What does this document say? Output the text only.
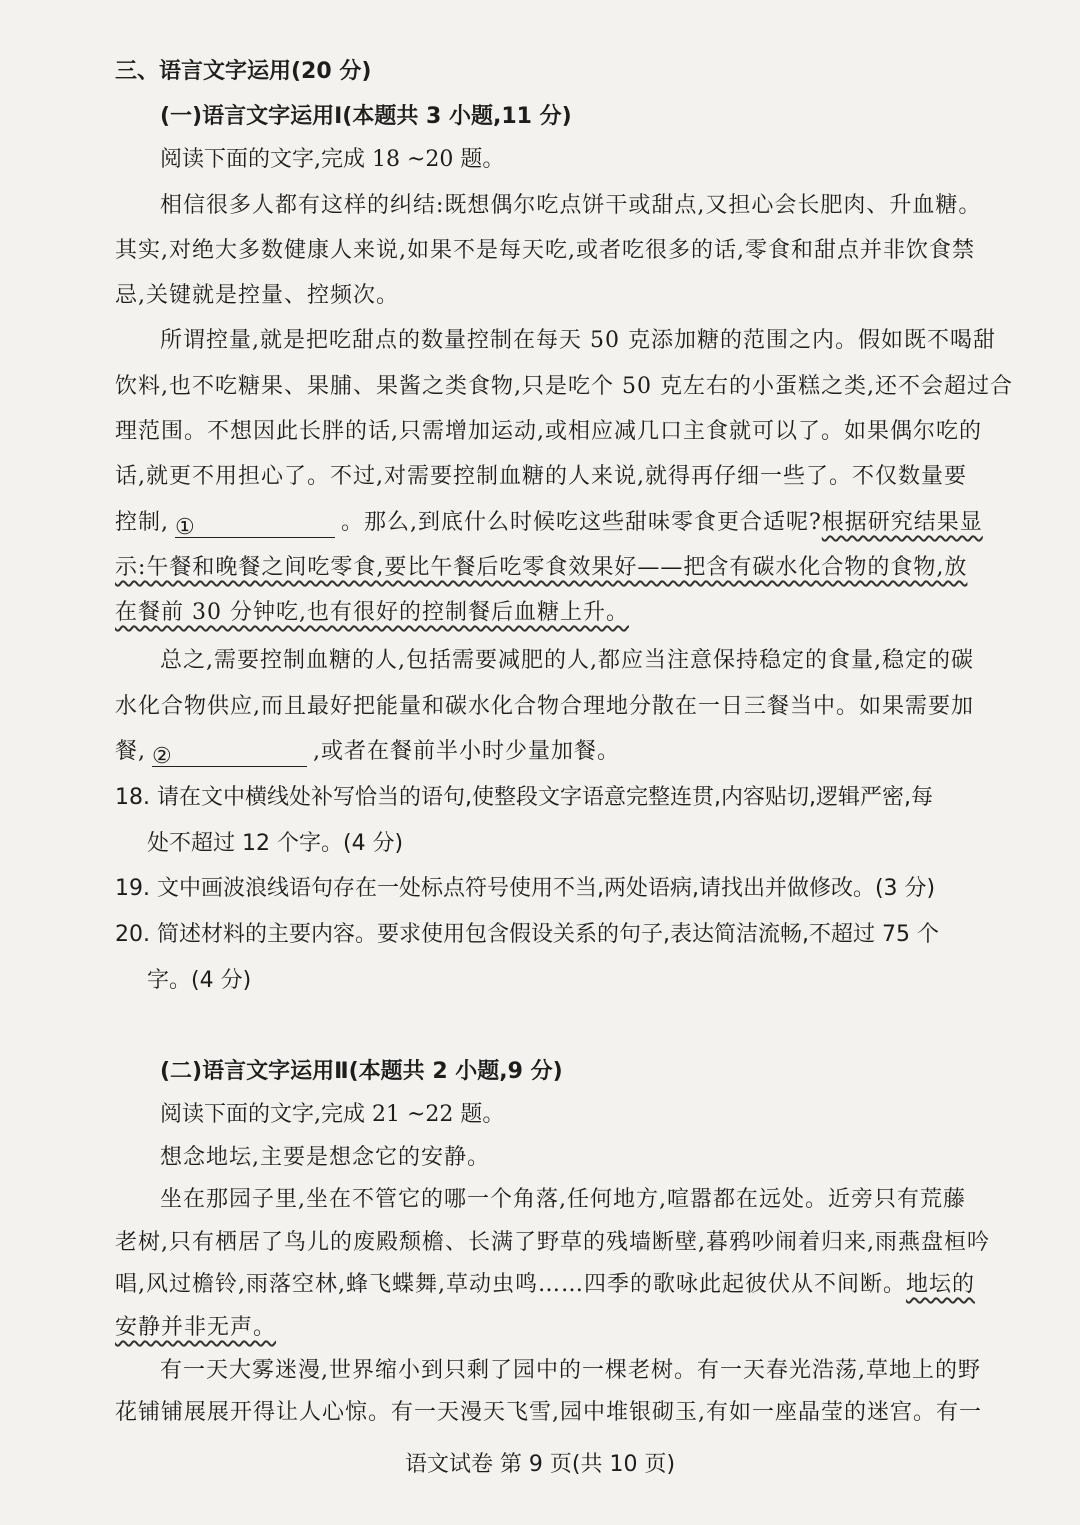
三、语言文字运用(20 分)
(一)语言文字运用Ⅰ(本题共 3 小题,11 分)
阅读下面的文字,完成 18 ~20 题。
相信很多人都有这样的纠结:既想偶尔吃点饼干或甜点,又担心会长肥肉、升血糖。
其实,对绝大多数健康人来说,如果不是每天吃,或者吃很多的话,零食和甜点并非饮食禁
忌,关键就是控量、控频次。
所谓控量,就是把吃甜点的数量控制在每天 50 克添加糖的范围之内。假如既不喝甜
饮料,也不吃糖果、果脯、果酱之类食物,只是吃个 50 克左右的小蛋糕之类,还不会超过合
理范围。不想因此长胖的话,只需增加运动,或相应减几口主食就可以了。如果偶尔吃的
话,就更不用担心了。不过,对需要控制血糖的人来说,就得再仔细一些了。不仅数量要
控制, ①	。那么,到底什么时候吃这些甜味零食更合适呢?根据研究结果显
示:午餐和晚餐之间吃零食,要比午餐后吃零食效果好——把含有碳水化合物的食物,放
在餐前 30 分钟吃,也有很好的控制餐后血糖上升。
总之,需要控制血糖的人,包括需要减肥的人,都应当注意保持稳定的食量,稳定的碳
水化合物供应,而且最好把能量和碳水化合物合理地分散在一日三餐当中。如果需要加
餐, ②	,或者在餐前半小时少量加餐。
18. 请在文中横线处补写恰当的语句,使整段文字语意完整连贯,内容贴切,逻辑严密,每
处不超过 12 个字。(4 分)
19. 文中画波浪线语句存在一处标点符号使用不当,两处语病,请找出并做修改。(3 分)
20. 简述材料的主要内容。要求使用包含假设关系的句子,表达简洁流畅,不超过 75 个
字。(4 分)
(二)语言文字运用Ⅱ(本题共 2 小题,9 分)
阅读下面的文字,完成 21 ~22 题。
想念地坛,主要是想念它的安静。
坐在那园子里,坐在不管它的哪一个角落,任何地方,喧嚣都在远处。近旁只有荒藤
老树,只有栖居了鸟儿的废殿颓檐、长满了野草的残墙断壁,暮鸦吵闹着归来,雨燕盘桓吟
唱,风过檐铃,雨落空林,蜂飞蝶舞,草动虫鸣……四季的歌咏此起彼伏从不间断。地坛的
安静并非无声。
有一天大雾迷漫,世界缩小到只剩了园中的一棵老树。有一天春光浩荡,草地上的野
花铺铺展展开得让人心惊。有一天漫天飞雪,园中堆银砌玉,有如一座晶莹的迷宫。有一
语文试卷 第 9 页(共 10 页)
